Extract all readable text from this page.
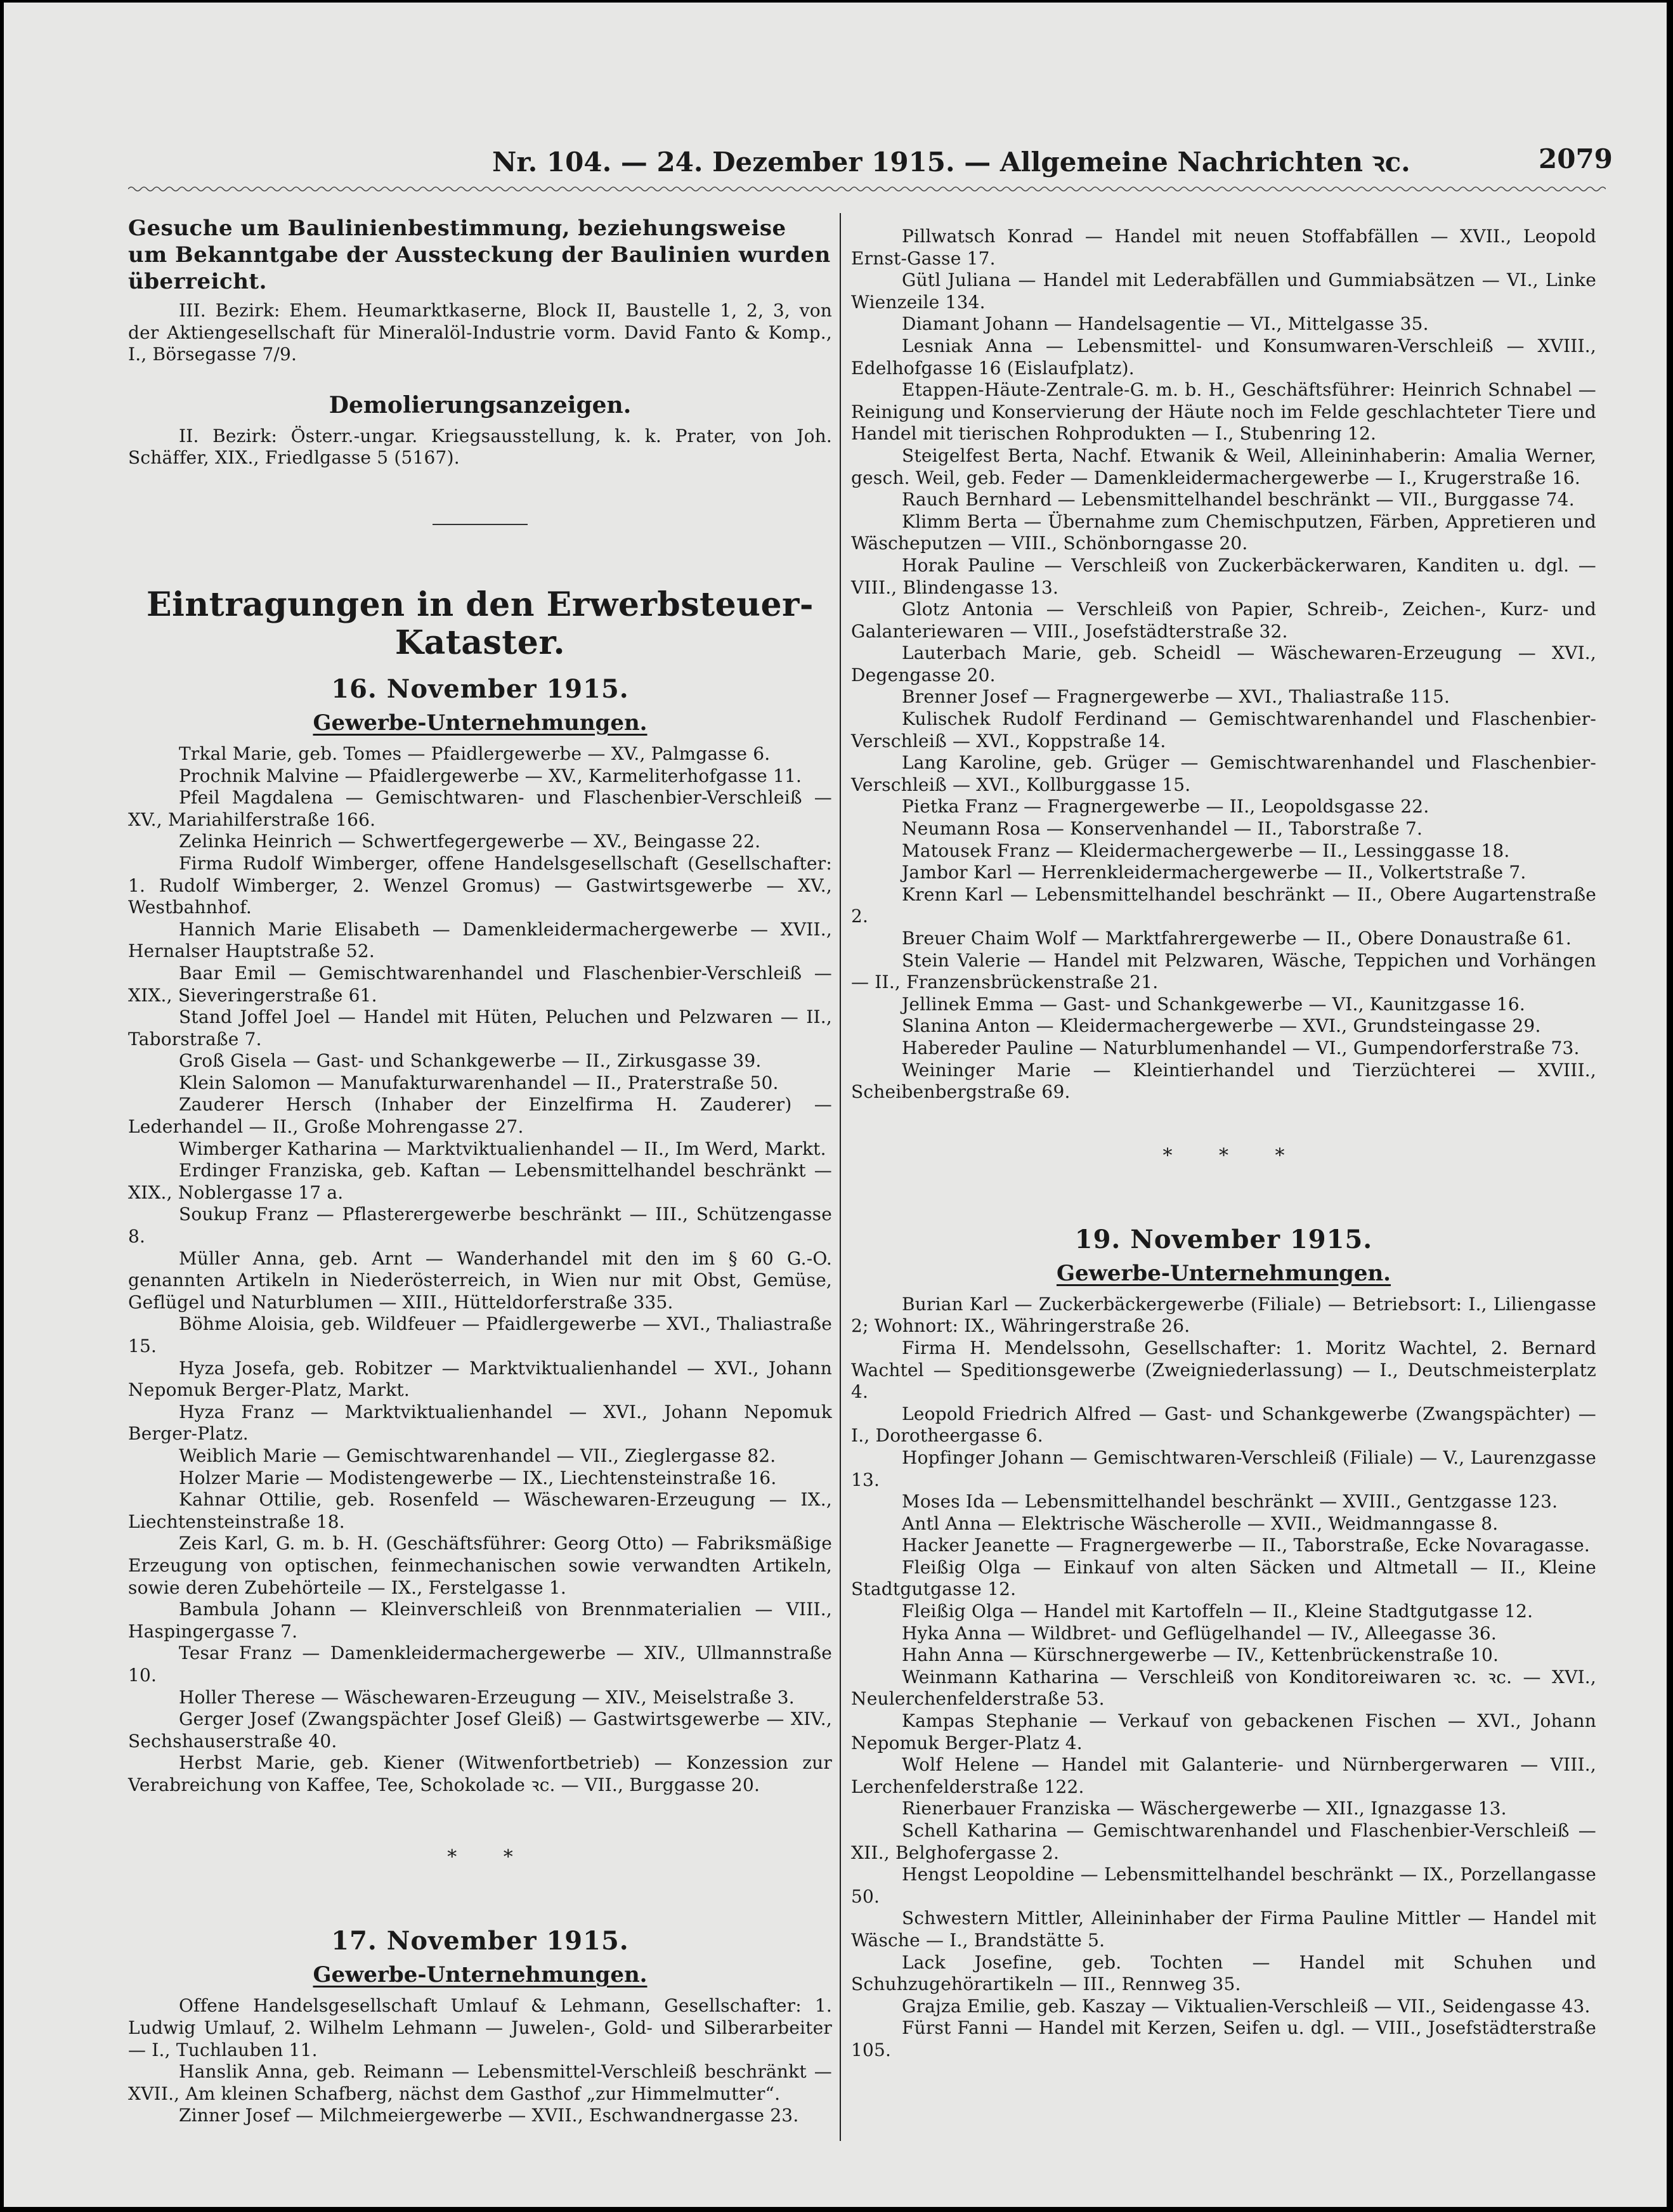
Nr. 104. — 24. Dezember 1915. — Allgemeine Nachrichten ꝛc.	2079

Gesuche um Baulinienbestimmung, beziehungsweise um Bekanntgabe der Aussteckung der Baulinien wurden überreicht.

III. Bezirk: Ehem. Heumarktkaserne, Block II, Baustelle 1, 2, 3, von der Aktiengesellschaft für Mineralöl-Industrie vorm. David Fanto & Komp., I., Börsegasse 7/9.

Demolierungsanzeigen.

II. Bezirk: Österr.-ungar. Kriegsausstellung, k. k. Prater, von Joh. Schäffer, XIX., Friedlgasse 5 (5167).

Eintragungen in den Erwerbsteuer-Kataster.

16. November 1915.

Gewerbe-Unternehmungen.

Trkal Marie, geb. Tomes — Pfaidlergewerbe — XV., Palmgasse 6.

Prochnik Malvine — Pfaidlergewerbe — XV., Karmeliterhofgasse 11.

Pfeil Magdalena — Gemischtwaren- und Flaschenbier-Verschleiß — XV., Mariahilferstraße 166.

Zelinka Heinrich — Schwertfegergewerbe — XV., Beingasse 22.

Firma Rudolf Wimberger, offene Handelsgesellschaft (Gesellschafter: 1. Rudolf Wimberger, 2. Wenzel Gromus) — Gastwirtsgewerbe — XV., Westbahnhof.

Hannich Marie Elisabeth — Damenkleidermachergewerbe — XVII., Hernalser Hauptstraße 52.

Baar Emil — Gemischtwarenhandel und Flaschenbier-Verschleiß — XIX., Sieveringerstraße 61.

Stand Joffel Joel — Handel mit Hüten, Peluchen und Pelzwaren — II., Taborstraße 7.

Groß Gisela — Gast- und Schankgewerbe — II., Zirkusgasse 39.

Klein Salomon — Manufakturwarenhandel — II., Praterstraße 50.

Zauderer Hersch (Inhaber der Einzelfirma H. Zauderer) — Lederhandel — II., Große Mohrengasse 27.

Wimberger Katharina — Marktviktualienhandel — II., Im Werd, Markt.

Erdinger Franziska, geb. Kaftan — Lebensmittelhandel beschränkt — XIX., Noblergasse 17 a.

Soukup Franz — Pflasterergewerbe beschränkt — III., Schützengasse 8.

Müller Anna, geb. Arnt — Wanderhandel mit den im § 60 G.-O. genannten Artikeln in Niederösterreich, in Wien nur mit Obst, Gemüse, Geflügel und Naturblumen — XIII., Hütteldorferstraße 335.

Böhme Aloisia, geb. Wildfeuer — Pfaidlergewerbe — XVI., Thaliastraße 15.

Hyza Josefa, geb. Robitzer — Marktviktualienhandel — XVI., Johann Nepomuk Berger-Platz, Markt.

Hyza Franz — Marktviktualienhandel — XVI., Johann Nepomuk Berger-Platz.

Weiblich Marie — Gemischtwarenhandel — VII., Zieglergasse 82.

Holzer Marie — Modistengewerbe — IX., Liechtensteinstraße 16.

Kahnar Ottilie, geb. Rosenfeld — Wäschewaren-Erzeugung — IX., Liechtensteinstraße 18.

Zeis Karl, G. m. b. H. (Geschäftsführer: Georg Otto) — Fabriksmäßige Erzeugung von optischen, feinmechanischen sowie verwandten Artikeln, sowie deren Zubehörteile — IX., Ferstelgasse 1.

Bambula Johann — Kleinverschleiß von Brennmaterialien — VIII., Haspingergasse 7.

Tesar Franz — Damenkleidermachergewerbe — XIV., Ullmannstraße 10.

Holler Therese — Wäschewaren-Erzeugung — XIV., Meiselstraße 3.

Gerger Josef (Zwangspächter Josef Gleiß) — Gastwirtsgewerbe — XIV., Sechshauserstraße 40.

Herbst Marie, geb. Kiener (Witwenfortbetrieb) — Konzession zur Verabreichung von Kaffee, Tee, Schokolade ꝛc. — VII., Burggasse 20.

* *

17. November 1915.

Gewerbe-Unternehmungen.

Offene Handelsgesellschaft Umlauf & Lehmann, Gesellschafter: 1. Ludwig Umlauf, 2. Wilhelm Lehmann — Juwelen-, Gold- und Silberarbeiter — I., Tuchlauben 11.

Hanslik Anna, geb. Reimann — Lebensmittel-Verschleiß beschränkt — XVII., Am kleinen Schafberg, nächst dem Gasthof „zur Himmelmutter“.

Zinner Josef — Milchmeiergewerbe — XVII., Eschwandnergasse 23.

Pillwatsch Konrad — Handel mit neuen Stoffabfällen — XVII., Leopold Ernst-Gasse 17.

Gütl Juliana — Handel mit Lederabfällen und Gummiabsätzen — VI., Linke Wienzeile 134.

Diamant Johann — Handelsagentie — VI., Mittelgasse 35.

Lesniak Anna — Lebensmittel- und Konsumwaren-Verschleiß — XVIII., Edelhofgasse 16 (Eislaufplatz).

Etappen-Häute-Zentrale-G. m. b. H., Geschäftsführer: Heinrich Schnabel — Reinigung und Konservierung der Häute noch im Felde geschlachteter Tiere und Handel mit tierischen Rohprodukten — I., Stubenring 12.

Steigelfest Berta, Nachf. Etwanik & Weil, Alleininhaberin: Amalia Werner, gesch. Weil, geb. Feder — Damenkleidermachergewerbe — I., Krugerstraße 16.

Rauch Bernhard — Lebensmittelhandel beschränkt — VII., Burggasse 74.

Klimm Berta — Übernahme zum Chemischputzen, Färben, Appretieren und Wäscheputzen — VIII., Schönborngasse 20.

Horak Pauline — Verschleiß von Zuckerbäckerwaren, Kanditen u. dgl. — VIII., Blindengasse 13.

Glotz Antonia — Verschleiß von Papier, Schreib-, Zeichen-, Kurz- und Galanteriewaren — VIII., Josefstädterstraße 32.

Lauterbach Marie, geb. Scheidl — Wäschewaren-Erzeugung — XVI., Degengasse 20.

Brenner Josef — Fragnergewerbe — XVI., Thaliastraße 115.

Kulischek Rudolf Ferdinand — Gemischtwarenhandel und Flaschenbier-Verschleiß — XVI., Koppstraße 14.

Lang Karoline, geb. Grüger — Gemischtwarenhandel und Flaschenbier-Verschleiß — XVI., Kollburggasse 15.

Pietka Franz — Fragnergewerbe — II., Leopoldsgasse 22.

Neumann Rosa — Konservenhandel — II., Taborstraße 7.

Matousek Franz — Kleidermachergewerbe — II., Lessinggasse 18.

Jambor Karl — Herrenkleidermachergewerbe — II., Volkertstraße 7.

Krenn Karl — Lebensmittelhandel beschränkt — II., Obere Augartenstraße 2.

Breuer Chaim Wolf — Marktfahrergewerbe — II., Obere Donaustraße 61.

Stein Valerie — Handel mit Pelzwaren, Wäsche, Teppichen und Vorhängen — II., Franzensbrückenstraße 21.

Jellinek Emma — Gast- und Schankgewerbe — VI., Kaunitzgasse 16.

Slanina Anton — Kleidermachergewerbe — XVI., Grundsteingasse 29.

Habereder Pauline — Naturblumenhandel — VI., Gumpendorferstraße 73.

Weininger Marie — Kleintierhandel und Tierzüchterei — XVIII., Scheibenbergstraße 69.

* * *

19. November 1915.

Gewerbe-Unternehmungen.

Burian Karl — Zuckerbäckergewerbe (Filiale) — Betriebsort: I., Liliengasse 2; Wohnort: IX., Währingerstraße 26.

Firma H. Mendelssohn, Gesellschafter: 1. Moritz Wachtel, 2. Bernard Wachtel — Speditionsgewerbe (Zweigniederlassung) — I., Deutschmeisterplatz 4.

Leopold Friedrich Alfred — Gast- und Schankgewerbe (Zwangspächter) — I., Dorotheergasse 6.

Hopfinger Johann — Gemischtwaren-Verschleiß (Filiale) — V., Laurenzgasse 13.

Moses Ida — Lebensmittelhandel beschränkt — XVIII., Gentzgasse 123.

Antl Anna — Elektrische Wäscherolle — XVII., Weidmanngasse 8.

Hacker Jeanette — Fragnergewerbe — II., Taborstraße, Ecke Novaragasse.

Fleißig Olga — Einkauf von alten Säcken und Altmetall — II., Kleine Stadtgutgasse 12.

Fleißig Olga — Handel mit Kartoffeln — II., Kleine Stadtgutgasse 12.

Hyka Anna — Wildbret- und Geflügelhandel — IV., Alleegasse 36.

Hahn Anna — Kürschnergewerbe — IV., Kettenbrückenstraße 10.

Weinmann Katharina — Verschleiß von Konditoreiwaren ꝛc. ꝛc. — XVI., Neulerchenfelderstraße 53.

Kampas Stephanie — Verkauf von gebackenen Fischen — XVI., Johann Nepomuk Berger-Platz 4.

Wolf Helene — Handel mit Galanterie- und Nürnbergerwaren — VIII., Lerchenfelderstraße 122.

Rienerbauer Franziska — Wäschergewerbe — XII., Ignazgasse 13.

Schell Katharina — Gemischtwarenhandel und Flaschenbier-Verschleiß — XII., Belghofergasse 2.

Hengst Leopoldine — Lebensmittelhandel beschränkt — IX., Porzellangasse 50.

Schwestern Mittler, Alleininhaber der Firma Pauline Mittler — Handel mit Wäsche — I., Brandstätte 5.

Lack Josefine, geb. Tochten — Handel mit Schuhen und Schuhzugehörartikeln — III., Rennweg 35.

Grajza Emilie, geb. Kaszay — Viktualien-Verschleiß — VII., Seidengasse 43.

Fürst Fanni — Handel mit Kerzen, Seifen u. dgl. — VIII., Josefstädterstraße 105.
